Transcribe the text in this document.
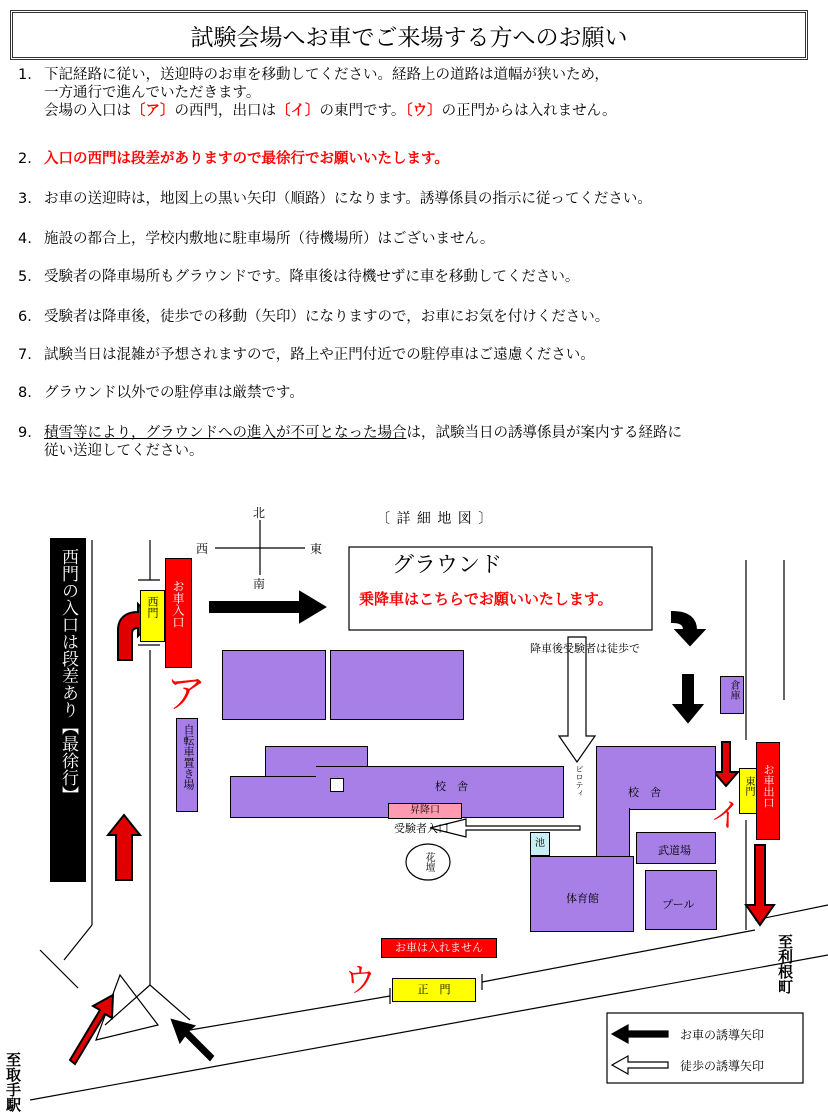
試験会場へお車でご来場する方へのお願い
1. 下記経路に従い，送迎時のお車を移動してください。経路上の道路は道幅が狭いため，
一方通行で進んでいただきます。
会場の入口は〔ア〕の西門，出口は〔イ〕の東門です。〔ウ〕の正門からは入れません。
2. 入口の西門は段差がありますので最徐行でお願いいたします。
3. お車の送迎時は，地図上の黒い矢印（順路）になります。誘導係員の指示に従ってください。
4. 施設の都合上，学校内敷地に駐車場所（待機場所）はございません。
5. 受験者の降車場所もグラウンドです。降車後は待機せずに車を移動してください。
6. 受験者は降車後，徒歩での移動（矢印）になりますので，お車にお気を付けください。
7. 試験当日は混雑が予想されますので，路上や正門付近での駐停車はご遠慮ください。
8. グラウンド以外での駐停車は厳禁です。
9. 積雪等により，グラウンドへの進入が不可となった場合は，試験当日の誘導係員が案内する経路に
従い送迎してください。
〔 詳 細 地 図 〕
北
南
西	東
西門の入口は段差あり【最徐行】	グラウンド
乗降車はこちらでお願いいたします。
降車後受験者は徒歩で
西門 お車入口
ア
自転車置き場	校　舎
昇降口
受験者入口
ピロティ	校　舎
武道場
体育館	プール
池
花壇
倉庫
東門 お車出口
イ
お車は入れません
ウ	正　門	至利根町
至取手駅
お車の誘導矢印
徒歩の誘導矢印
